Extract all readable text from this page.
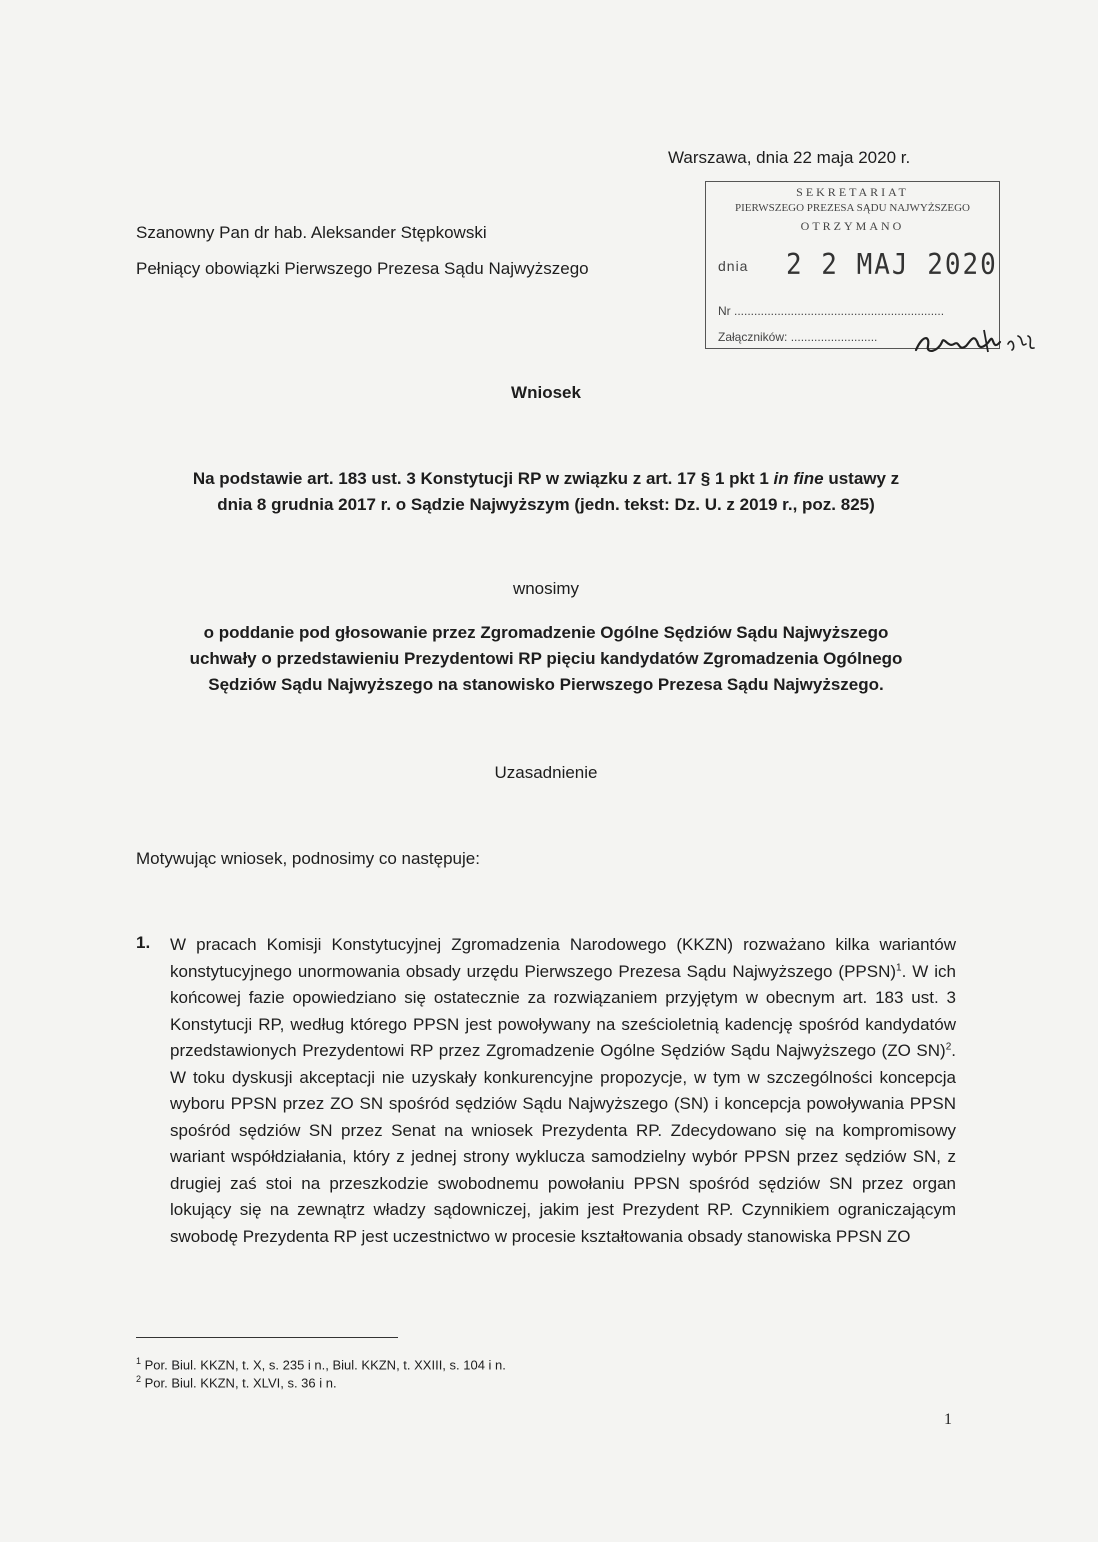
Warszawa, dnia 22 maja 2020 r.
Szanowny Pan dr hab. Aleksander Stępkowski
Pełniący obowiązki Pierwszego Prezesa Sądu Najwyższego
SEKRETARIAT
PIERWSZEGO PREZESA SĄDU NAJWYŻSZEGO
OTRZYMANO
dnia 2 2 MAJ 2020
Nr ...............................................................
Załączników: ..........................
Wniosek
Na podstawie art. 183 ust. 3 Konstytucji RP w związku z art. 17 § 1 pkt 1 in fine ustawy z
dnia 8 grudnia 2017 r. o Sądzie Najwyższym (jedn. tekst: Dz. U. z 2019 r., poz. 825)
wnosimy
o poddanie pod głosowanie przez Zgromadzenie Ogólne Sędziów Sądu Najwyższego
uchwały o przedstawieniu Prezydentowi RP pięciu kandydatów Zgromadzenia Ogólnego
Sędziów Sądu Najwyższego na stanowisko Pierwszego Prezesa Sądu Najwyższego.
Uzasadnienie
Motywując wniosek, podnosimy co następuje:
1. W pracach Komisji Konstytucyjnej Zgromadzenia Narodowego (KKZN) rozważano kilka wariantów konstytucyjnego unormowania obsady urzędu Pierwszego Prezesa Sądu Najwyższego (PPSN)$^1$. W ich końcowej fazie opowiedziano się ostatecznie za rozwiązaniem przyjętym w obecnym art. 183 ust. 3 Konstytucji RP, według którego PPSN jest powoływany na sześcioletnią kadencję spośród kandydatów przedstawionych Prezydentowi RP przez Zgromadzenie Ogólne Sędziów Sądu Najwyższego (ZO SN)$^2$. W toku dyskusji akceptacji nie uzyskały konkurencyjne propozycje, w tym w szczególności koncepcja wyboru PPSN przez ZO SN spośród sędziów Sądu Najwyższego (SN) i koncepcja powoływania PPSN spośród sędziów SN przez Senat na wniosek Prezydenta RP. Zdecydowano się na kompromisowy wariant współdziałania, który z jednej strony wyklucza samodzielny wybór PPSN przez sędziów SN, z drugiej zaś stoi na przeszkodzie swobodnemu powołaniu PPSN spośród sędziów SN przez organ lokujący się na zewnątrz władzy sądowniczej, jakim jest Prezydent RP. Czynnikiem ograniczającym swobodę Prezydenta RP jest uczestnictwo w procesie kształtowania obsady stanowiska PPSN ZO
$^1$ Por. Biul. KKZN, t. X, s. 235 i n., Biul. KKZN, t. XXIII, s. 104 i n.
$^2$ Por. Biul. KKZN, t. XLVI, s. 36 i n.
1
